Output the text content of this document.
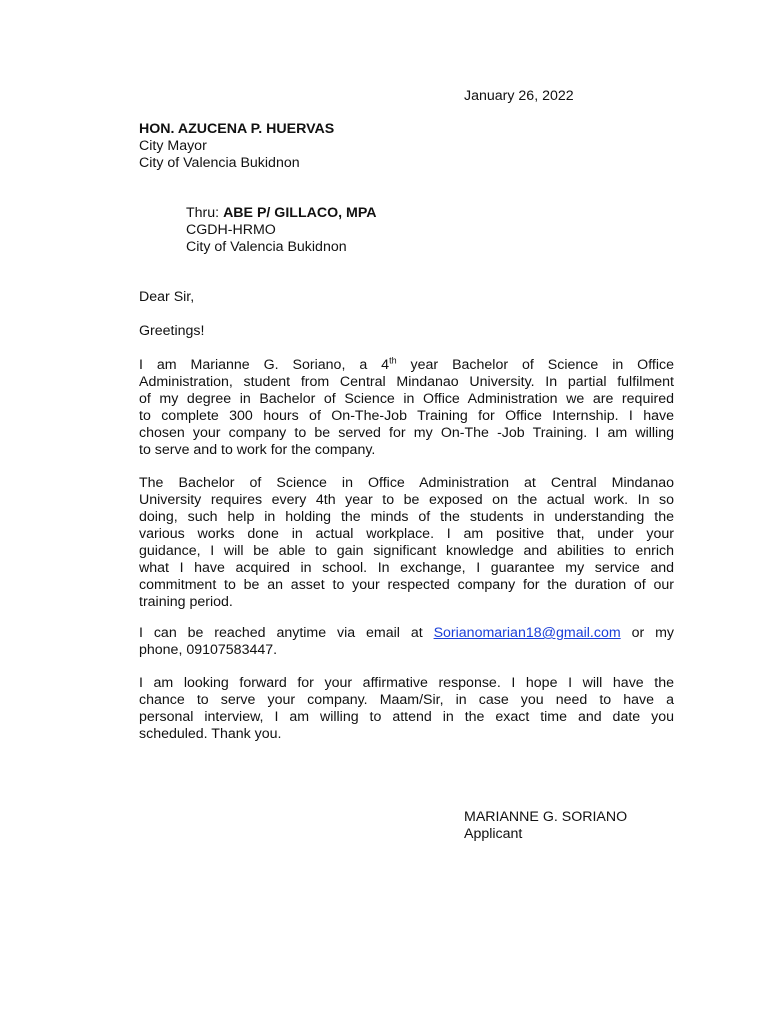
January 26, 2022
HON. AZUCENA P. HUERVAS
City Mayor
City of Valencia Bukidnon
Thru: ABE P/ GILLACO, MPA
CGDH-HRMO
City of Valencia Bukidnon
Dear Sir,
Greetings!
I am Marianne G. Soriano, a 4th year Bachelor of Science in Office
Administration, student from Central Mindanao University. In partial fulfilment
of my degree in Bachelor of Science in Office Administration we are required
to complete 300 hours of On-The-Job Training for Office Internship. I have
chosen your company to be served for my On-The -Job Training. I am willing
to serve and to work for the company.
The Bachelor of Science in Office Administration at Central Mindanao
University requires every 4th year to be exposed on the actual work. In so
doing, such help in holding the minds of the students in understanding the
various works done in actual workplace. I am positive that, under your
guidance, I will be able to gain significant knowledge and abilities to enrich
what I have acquired in school. In exchange, I guarantee my service and
commitment to be an asset to your respected company for the duration of our
training period.
I can be reached anytime via email at Sorianomarian18@gmail.com or my
phone, 09107583447.
I am looking forward for your affirmative response. I hope I will have the
chance to serve your company. Maam/Sir, in case you need to have a
personal interview, I am willing to attend in the exact time and date you
scheduled. Thank you.
MARIANNE G. SORIANO
Applicant
